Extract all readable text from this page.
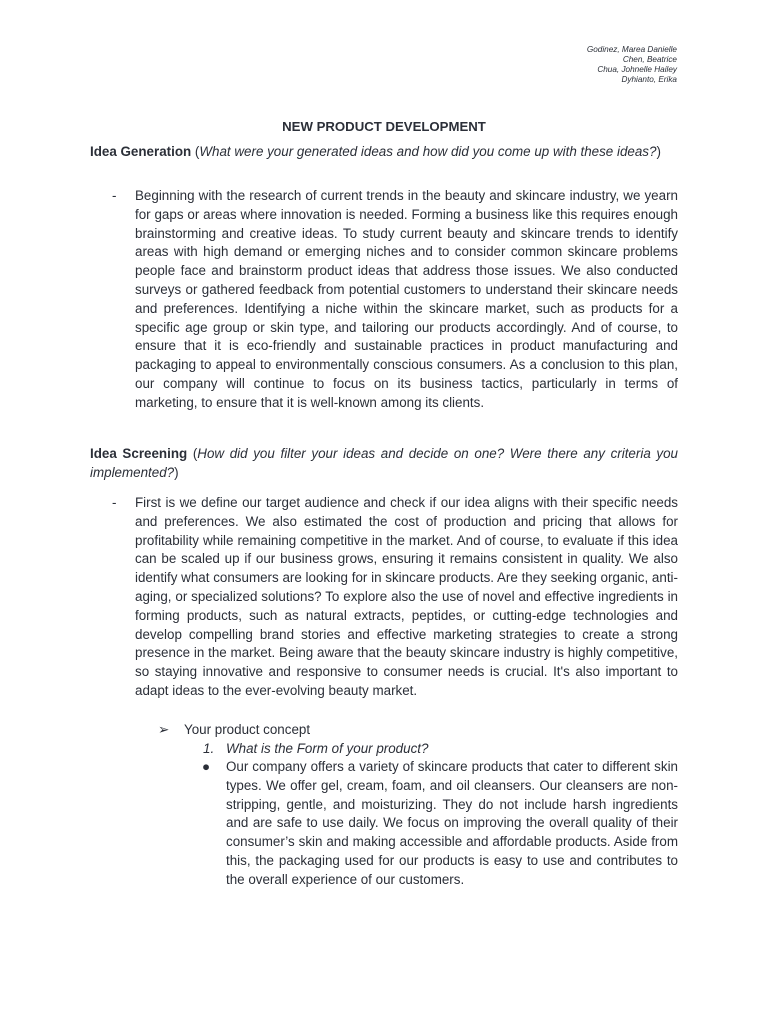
Godinez, Marea Danielle
Chen, Beatrice
Chua, Johnelle Hailey
Dyhianto, Erika
NEW PRODUCT DEVELOPMENT
Idea Generation (What were your generated ideas and how did you come up with these ideas?)
- Beginning with the research of current trends in the beauty and skincare industry, we yearn for gaps or areas where innovation is needed. Forming a business like this requires enough brainstorming and creative ideas. To study current beauty and skincare trends to identify areas with high demand or emerging niches and to consider common skincare problems people face and brainstorm product ideas that address those issues. We also conducted surveys or gathered feedback from potential customers to understand their skincare needs and preferences. Identifying a niche within the skincare market, such as products for a specific age group or skin type, and tailoring our products accordingly. And of course, to ensure that it is eco-friendly and sustainable practices in product manufacturing and packaging to appeal to environmentally conscious consumers. As a conclusion to this plan, our company will continue to focus on its business tactics, particularly in terms of marketing, to ensure that it is well-known among its clients.
Idea Screening (How did you filter your ideas and decide on one? Were there any criteria you implemented?)
- First is we define our target audience and check if our idea aligns with their specific needs and preferences. We also estimated the cost of production and pricing that allows for profitability while remaining competitive in the market. And of course, to evaluate if this idea can be scaled up if our business grows, ensuring it remains consistent in quality. We also identify what consumers are looking for in skincare products. Are they seeking organic, anti-aging, or specialized solutions? To explore also the use of novel and effective ingredients in forming products, such as natural extracts, peptides, or cutting-edge technologies and develop compelling brand stories and effective marketing strategies to create a strong presence in the market. Being aware that the beauty skincare industry is highly competitive, so staying innovative and responsive to consumer needs is crucial. It's also important to adapt ideas to the ever-evolving beauty market.
➢ Your product concept
1. What is the Form of your product?
● Our company offers a variety of skincare products that cater to different skin types. We offer gel, cream, foam, and oil cleansers. Our cleansers are non-stripping, gentle, and moisturizing. They do not include harsh ingredients and are safe to use daily. We focus on improving the overall quality of their consumer’s skin and making accessible and affordable products. Aside from this, the packaging used for our products is easy to use and contributes to the overall experience of our customers.
